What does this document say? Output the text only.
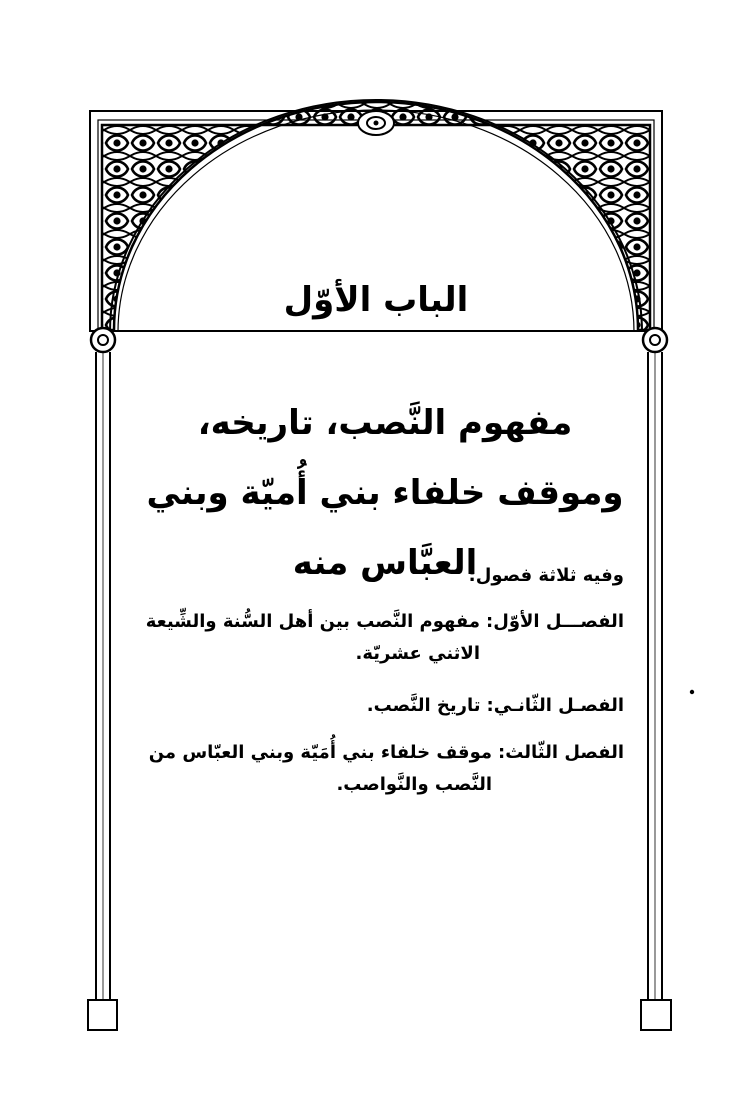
الباب الأوّل
مفهوم النَّصب، تاريخه، وموقف خلفاء بني أُميّة وبني العبَّاس منه
وفيه ثلاثة فصول:
الفصـــل الأوّل:
مفهوم النَّصب بين أهل السُّنة والشِّيعة الاثني عشريّة.
الفصـل الثّانـي:
تاريخ النَّصب.
الفصل الثّالث:
موقف خلفاء بني أُمَيّة وبني العبّاس من النَّصب والنَّواصب.
